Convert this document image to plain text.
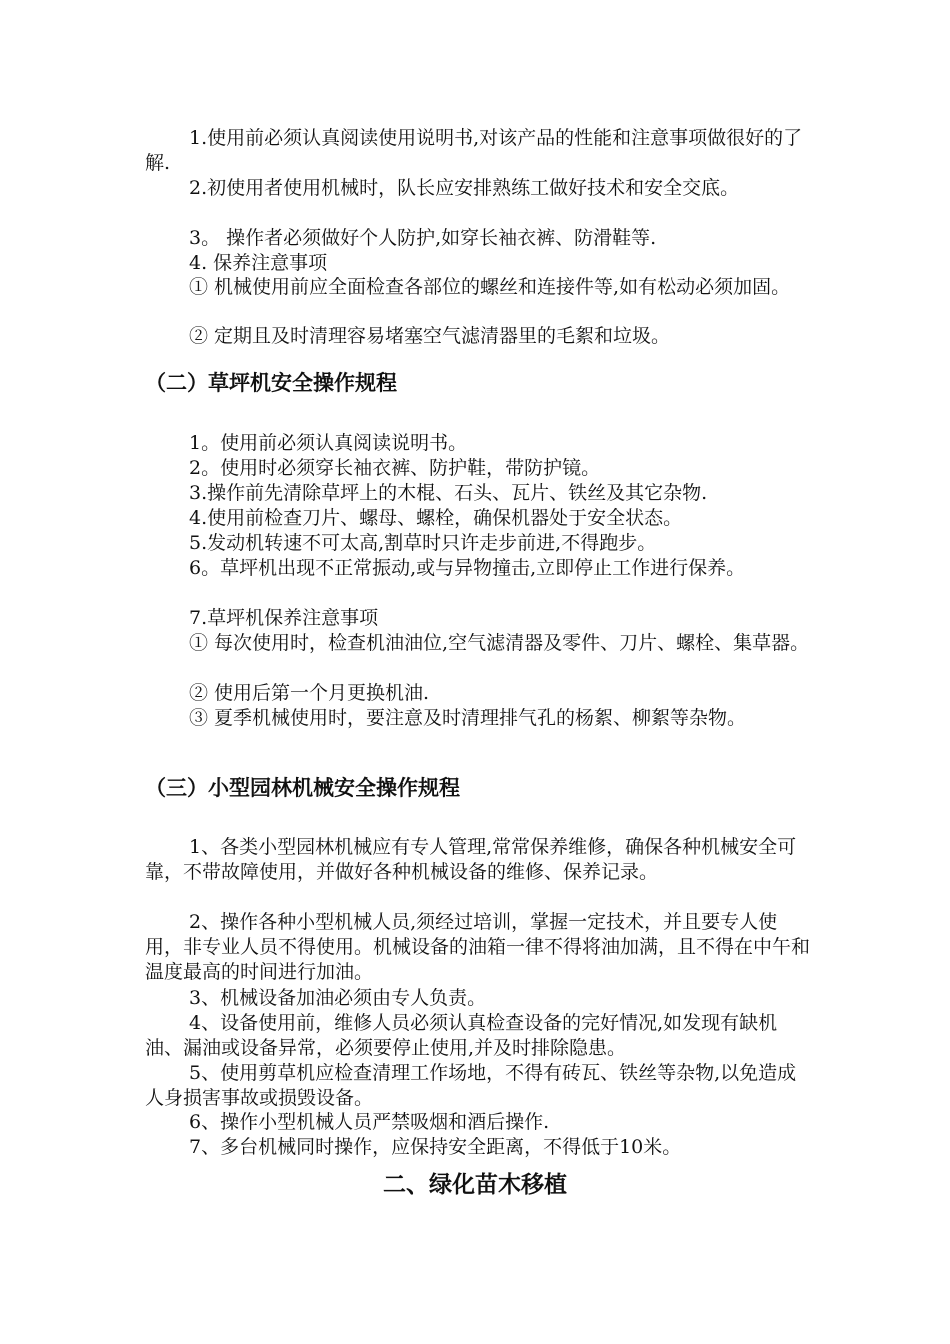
1.使用前必须认真阅读使用说明书,对该产品的性能和注意事项做很好的了解.

2.初使用者使用机械时，队长应安排熟练工做好技术和安全交底。

3。 操作者必须做好个人防护,如穿长袖衣裤、防滑鞋等.

4. 保养注意事项

① 机械使用前应全面检查各部位的螺丝和连接件等,如有松动必须加固。

② 定期且及时清理容易堵塞空气滤清器里的毛絮和垃圾。

（二）草坪机安全操作规程

1。使用前必须认真阅读说明书。

2。使用时必须穿长袖衣裤、防护鞋，带防护镜。

3.操作前先清除草坪上的木棍、石头、瓦片、铁丝及其它杂物.

4.使用前检查刀片、螺母、螺栓，确保机器处于安全状态。

5.发动机转速不可太高,割草时只许走步前进,不得跑步。

6。草坪机出现不正常振动,或与异物撞击,立即停止工作进行保养。

7.草坪机保养注意事项

① 每次使用时，检查机油油位,空气滤清器及零件、刀片、螺栓、集草器。

② 使用后第一个月更换机油.

③ 夏季机械使用时，要注意及时清理排气孔的杨絮、柳絮等杂物。

（三）小型园林机械安全操作规程

1、各类小型园林机械应有专人管理,常常保养维修，确保各种机械安全可靠，不带故障使用，并做好各种机械设备的维修、保养记录。

2、操作各种小型机械人员,须经过培训，掌握一定技术，并且要专人使用，非专业人员不得使用。机械设备的油箱一律不得将油加满，且不得在中午和温度最高的时间进行加油。

3、机械设备加油必须由专人负责。

4、设备使用前，维修人员必须认真检查设备的完好情况,如发现有缺机油、漏油或设备异常，必须要停止使用,并及时排除隐患。

5、使用剪草机应检查清理工作场地，不得有砖瓦、铁丝等杂物,以免造成人身损害事故或损毁设备。

6、操作小型机械人员严禁吸烟和酒后操作.

7、多台机械同时操作，应保持安全距离，不得低于10米。

二、绿化苗木移植
